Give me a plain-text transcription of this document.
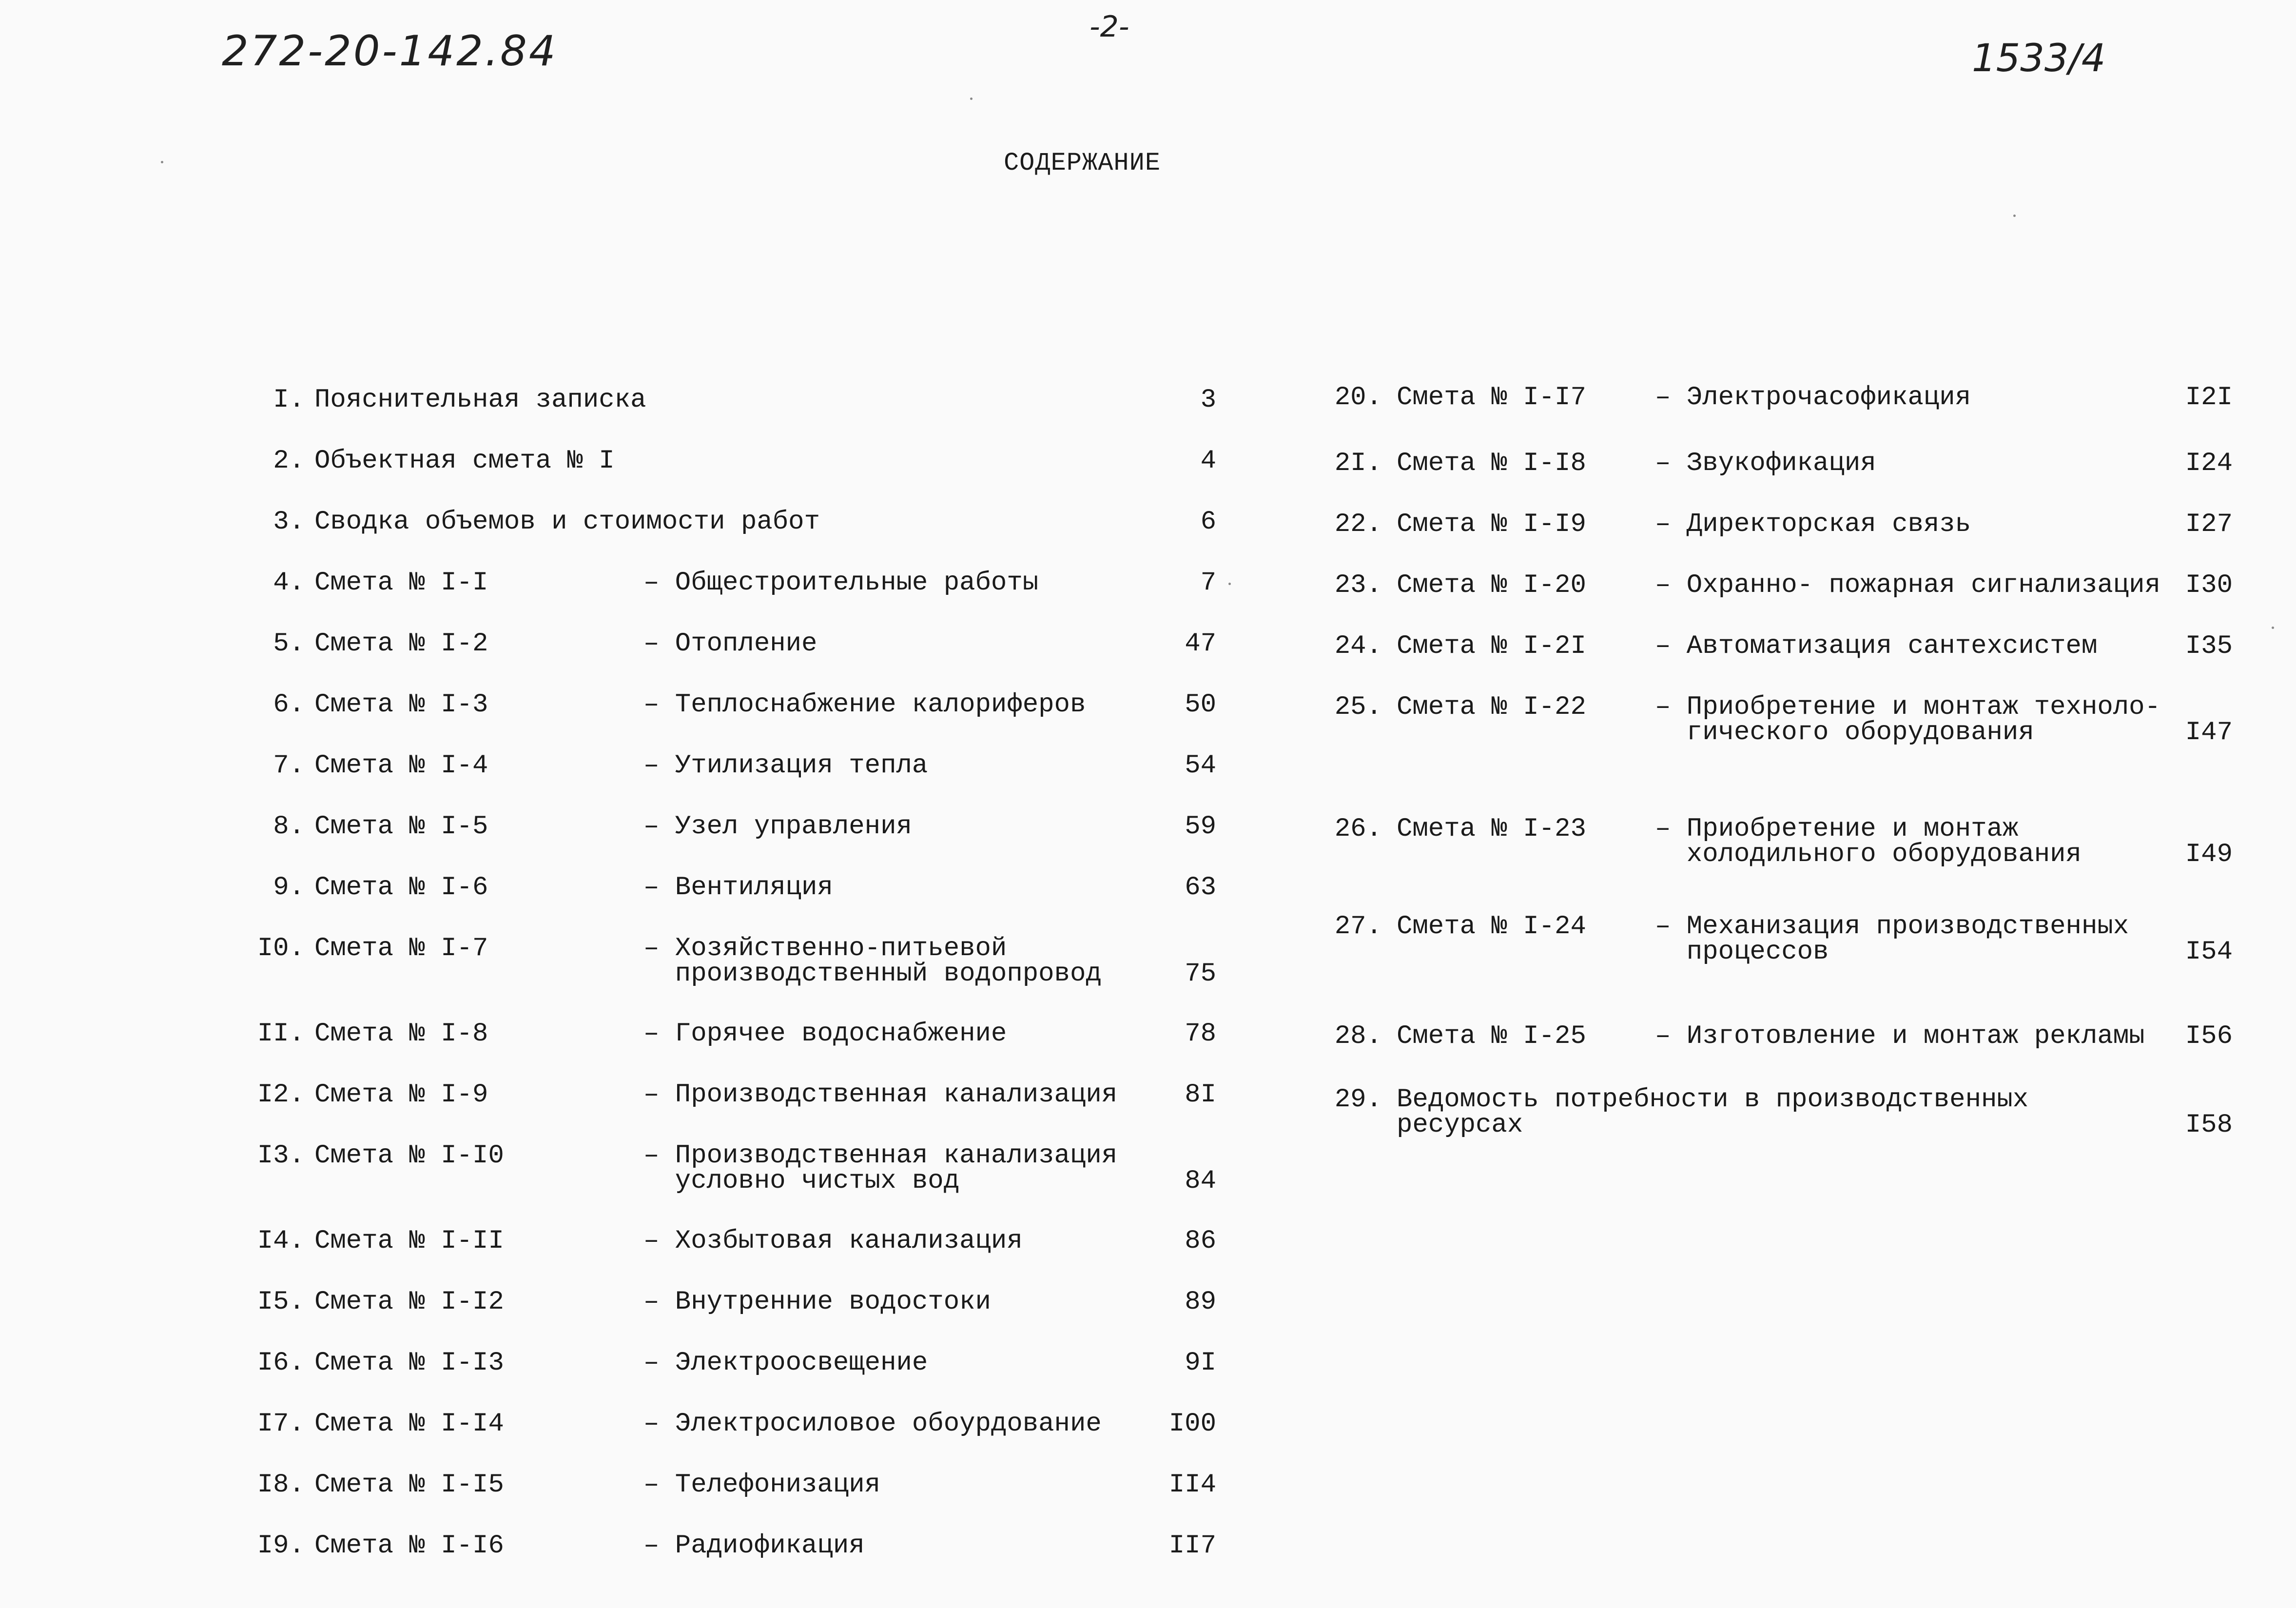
272-20-142.84	-2-
1533/4
СОДЕРЖАНИЕ
I. Пояснительная записка	3
2. Объектная смета № I	4
3. Сводка объемов и стоимости работ	6
4. Смета № I-I	– Общестроительные работы	7
5. Смета № I-2	– Отопление	47
6. Смета № I-3	– Теплоснабжение калориферов	50
7. Смета № I-4	– Утилизация тепла	54
8. Смета № I-5	– Узел управления	59
9. Смета № I-6	– Вентиляция	63
I0. Смета № I-7	– Хозяйственно-питьевой
производственный водопровод	75
II. Смета № I-8	– Горячее водоснабжение	78
I2. Смета № I-9	– Производственная канализация	8I
I3. Смета № I-I0	– Производственная канализация
условно чистых вод	84
I4. Смета № I-II	– Хозбытовая канализация	86
I5. Смета № I-I2	– Внутренние водостоки	89
I6. Смета № I-I3	– Электроосвещение	9I
I7. Смета № I-I4	– Электросиловое обоурдование	I00
I8. Смета № I-I5	– Телефонизация	II4
I9. Смета № I-I6	– Радиофикация	II7
20. Смета № I-I7	– Электрочасофикация	I2I
2I. Смета № I-I8	– Звукофикация	I24
22. Смета № I-I9	– Директорская связь	I27
23. Смета № I-20	– Охранно- пожарная сигнализация I30
24. Смета № I-2I	– Автоматизация сантехсистем	I35
25. Смета № I-22	– Приобретение и монтаж техноло-
гического оборудования	I47
26. Смета № I-23	– Приобретение и монтаж
холодильного оборудования	I49
27. Смета № I-24	– Механизация производственных
процессов	I54
28. Смета № I-25	– Изготовление и монтаж рекламы I56
29. Ведомость потребности в производственных
ресурсах	I58
